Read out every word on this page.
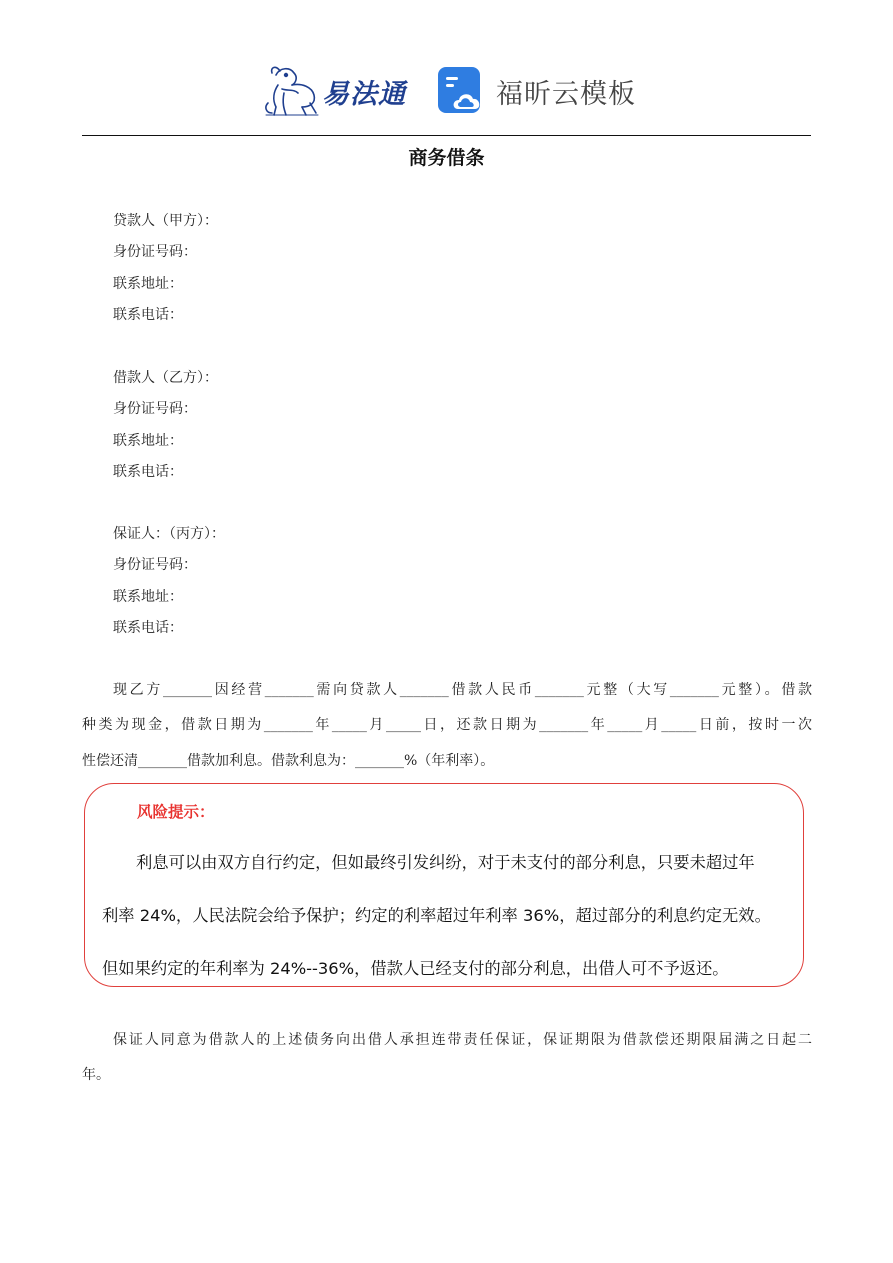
易法通	福昕云模板
商务借条
贷款人（甲方）：
身份证号码：
联系地址：
联系电话：
借款人（乙方）：
身份证号码：
联系地址：
联系电话：
保证人：（丙方）：
身份证号码：
联系地址：
联系电话：
现乙方_______因经营_______需向贷款人_______借款人民币_______元整（大写_______元整）。借款
种类为现金，借款日期为_______年_____月_____日，还款日期为_______年_____月_____日前，按时一次
性偿还清_______借款加利息。借款利息为：_______%（年利率）。
风险提示：
利息可以由双方自行约定，但如最终引发纠纷，对于未支付的部分利息，只要未超过年
利率 24%，人民法院会给予保护；约定的利率超过年利率 36%，超过部分的利息约定无效。
但如果约定的年利率为 24%--36%，借款人已经支付的部分利息，出借人可不予返还。
保证人同意为借款人的上述债务向出借人承担连带责任保证，保证期限为借款偿还期限届满之日起二
年。
